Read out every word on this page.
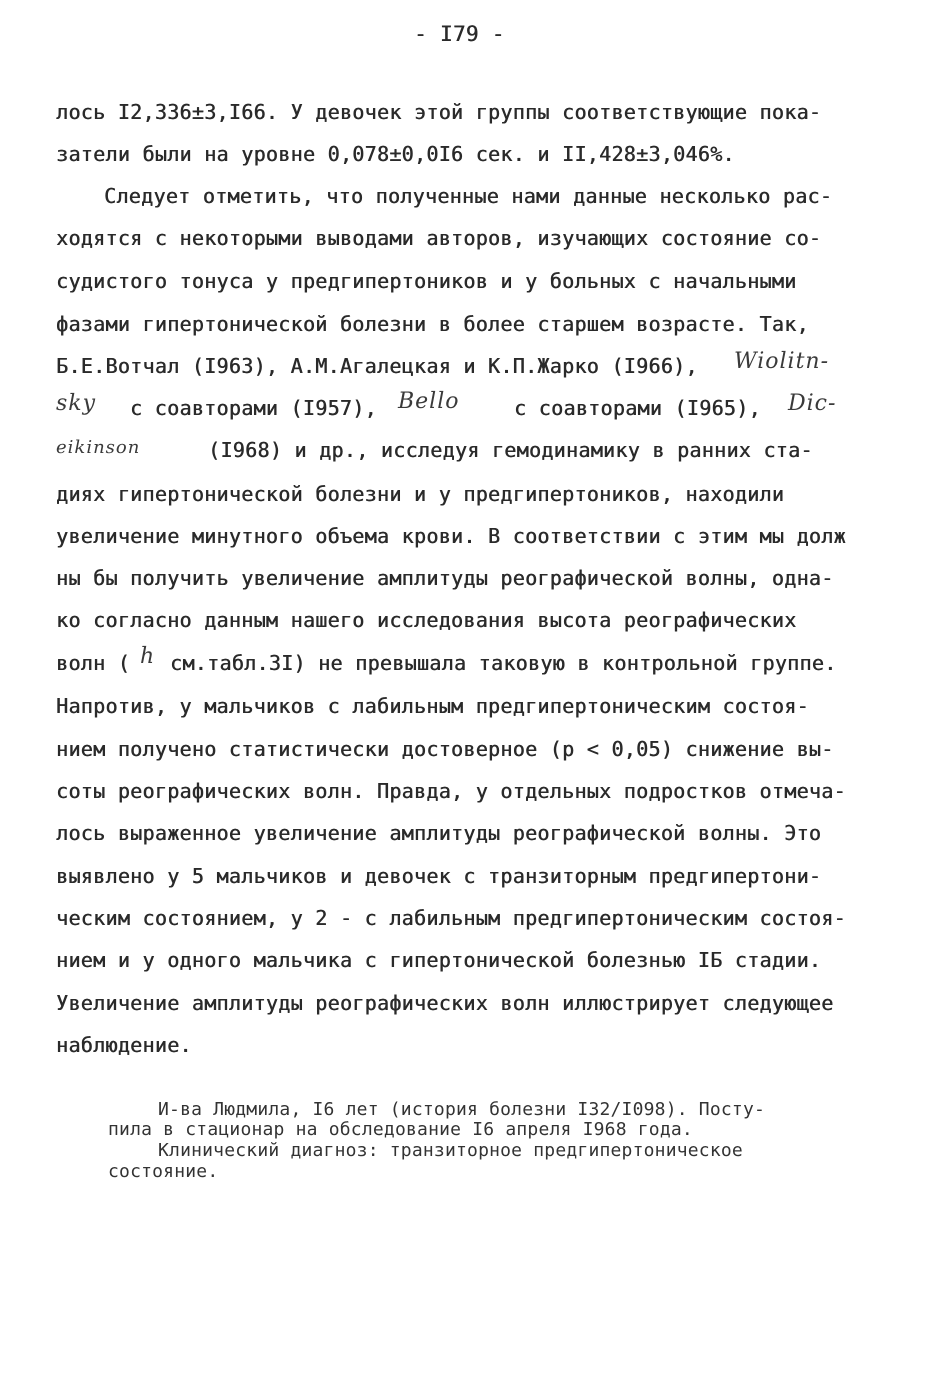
- I79 -
лось I2,336±3,I66. У девочек этой группы соответствующие пока-
затели были на уровне 0,078±0,0I6 сек. и II,428±3,046%.
Следует отметить, что полученные нами данные несколько рас-
ходятся с некоторыми выводами авторов, изучающих состояние со-
судистого тонуса у предгипертоников и у больных с начальными
фазами гипертонической болезни в более старшем возрасте. Так,
Б.Е.Вотчал (I963), А.М.Агалецкая и К.П.Жарко (I966), Wiolitn-
sky с соавторами (I957), Bello	с соавторами (I965), Dic-
eikinson	(I968) и др., исследуя гемодинамику в ранних ста-
диях гипертонической болезни и у предгипертоников, находили
увеличение минутного объема крови. В соответствии с этим мы долж
ны бы получить увеличение амплитуды реографической волны, одна-
ко согласно данным нашего исследования высота реографических
волн ( h см.табл.3I) не превышала таковую в контрольной группе.
Напротив, у мальчиков с лабильным предгипертоническим состоя-
нием получено статистически достоверное (p < 0,05) снижение вы-
соты реографических волн. Правда, у отдельных подростков отмеча-
лось выраженное увеличение амплитуды реографической волны. Это
выявлено у 5 мальчиков и девочек с транзиторным предгипертони-
ческим состоянием, у 2 - с лабильным предгипертоническим состоя-
нием и у одного мальчика с гипертонической болезнью IБ стадии.
Увеличение амплитуды реографических волн иллюстрирует следующее
наблюдение.
И-ва Людмила, I6 лет (история болезни I32/I098). Посту-
пила в стационар на обследование I6 апреля I968 года.
Клинический диагноз: транзиторное предгипертоническое
состояние.
